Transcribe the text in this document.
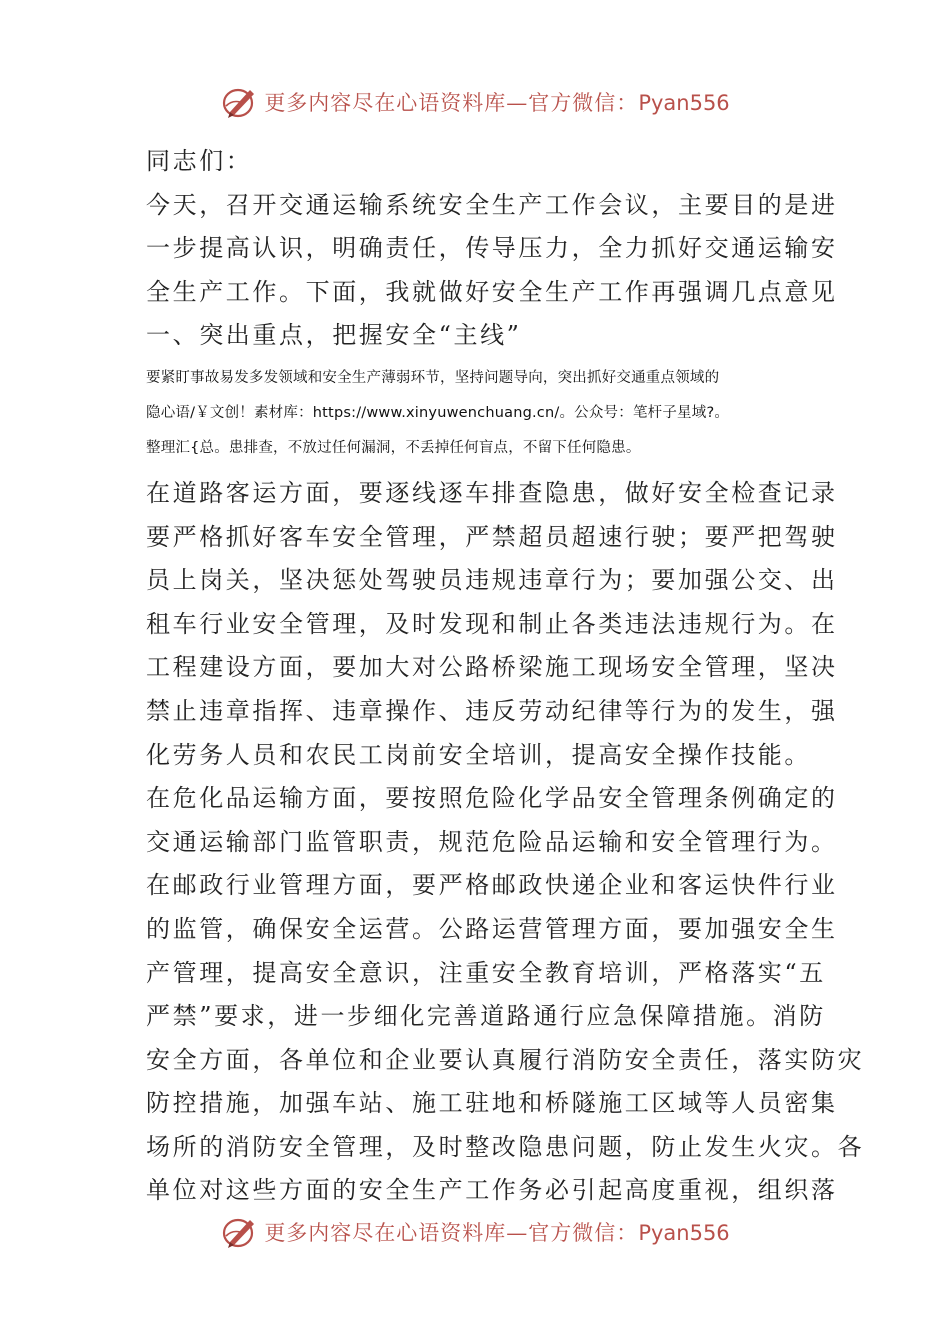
更多内容尽在心语资料库—官方微信：Pyan556
同志们：
今天，召开交通运输系统安全生产工作会议，主要目的是进
一步提高认识，明确责任，传导压力，全力抓好交通运输安
全生产工作。下面，我就做好安全生产工作再强调几点意见
一、突出重点，把握安全“主线”
要紧盯事故易发多发领域和安全生产薄弱环节，坚持问题导向，突出抓好交通重点领域的
隐心语/￥文创！素材库：https://www.xinyuwenchuang.cn/。公众号：笔杆子星域?。
整理汇{总。患排查，不放过任何漏洞，不丢掉任何盲点，不留下任何隐患。
在道路客运方面，要逐线逐车排查隐患，做好安全检查记录
要严格抓好客车安全管理，严禁超员超速行驶；要严把驾驶
员上岗关，坚决惩处驾驶员违规违章行为；要加强公交、出
租车行业安全管理，及时发现和制止各类违法违规行为。在
工程建设方面，要加大对公路桥梁施工现场安全管理，坚决
禁止违章指挥、违章操作、违反劳动纪律等行为的发生，强
化劳务人员和农民工岗前安全培训，提高安全操作技能。
在危化品运输方面，要按照危险化学品安全管理条例确定的
交通运输部门监管职责，规范危险品运输和安全管理行为。
在邮政行业管理方面，要严格邮政快递企业和客运快件行业
的监管，确保安全运营。公路运营管理方面，要加强安全生
产管理，提高安全意识，注重安全教育培训，严格落实“五
严禁”要求，进一步细化完善道路通行应急保障措施。消防
安全方面，各单位和企业要认真履行消防安全责任，落实防灾
防控措施，加强车站、施工驻地和桥隧施工区域等人员密集
场所的消防安全管理，及时整改隐患问题，防止发生火灾。各
单位对这些方面的安全生产工作务必引起高度重视，组织落
更多内容尽在心语资料库—官方微信：Pyan556
